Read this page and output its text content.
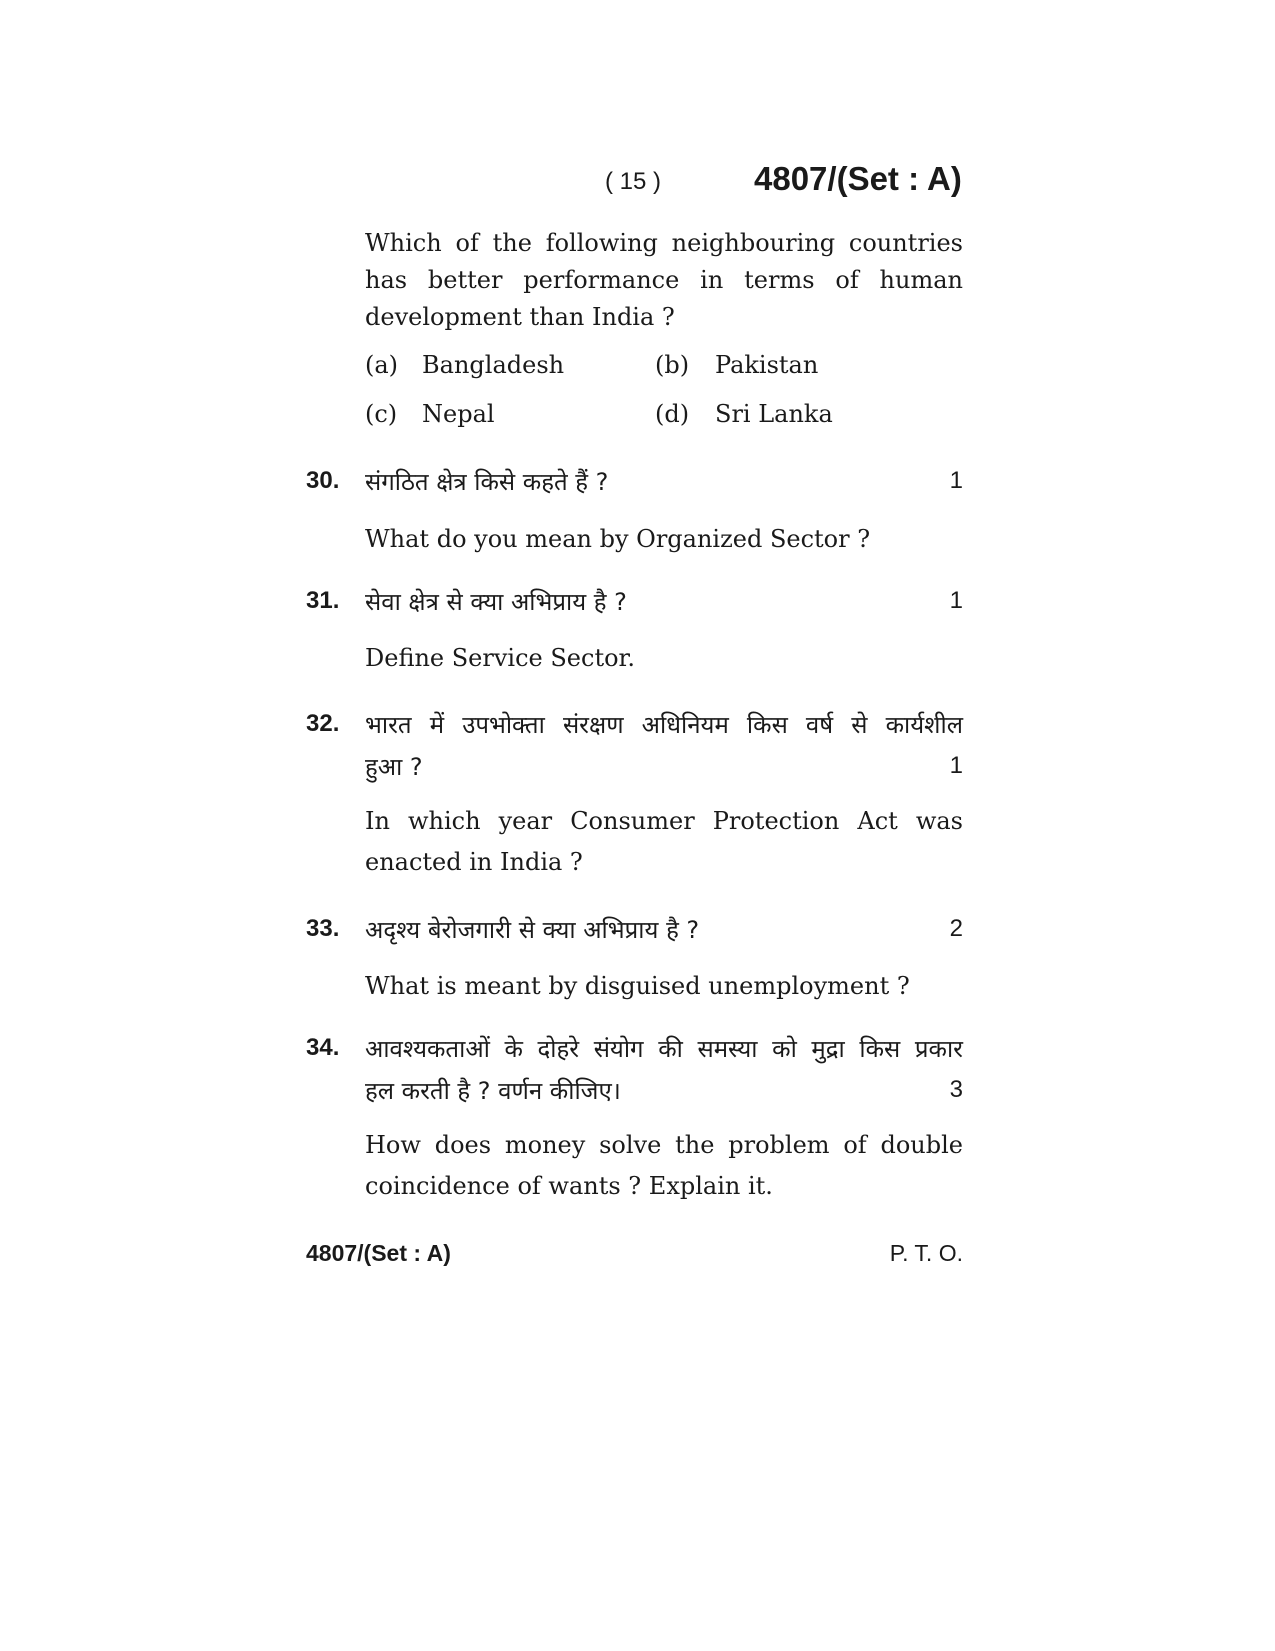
( 15 )	4807/(Set : A)
Which of the following neighbouring countries has better performance in terms of human development than India ?
(a) Bangladesh	(b) Pakistan
(c) Nepal	(d) Sri Lanka
30. संगठित क्षेत्र किसे कहते हैं ?	1
What do you mean by Organized Sector ?
31. सेवा क्षेत्र से क्या अभिप्राय है ?	1
Define Service Sector.
32. भारत में उपभोक्ता संरक्षण अधिनियम किस वर्ष से कार्यशील
हुआ ?	1
In which year Consumer Protection Act was enacted in India ?
33. अदृश्य बेरोजगारी से क्या अभिप्राय है ?	2
What is meant by disguised unemployment ?
34. आवश्यकताओं के दोहरे संयोग की समस्या को मुद्रा किस प्रकार
हल करती है ? वर्णन कीजिए।	3
How does money solve the problem of double coincidence of wants ? Explain it.
4807/(Set : A)	P. T. O.
